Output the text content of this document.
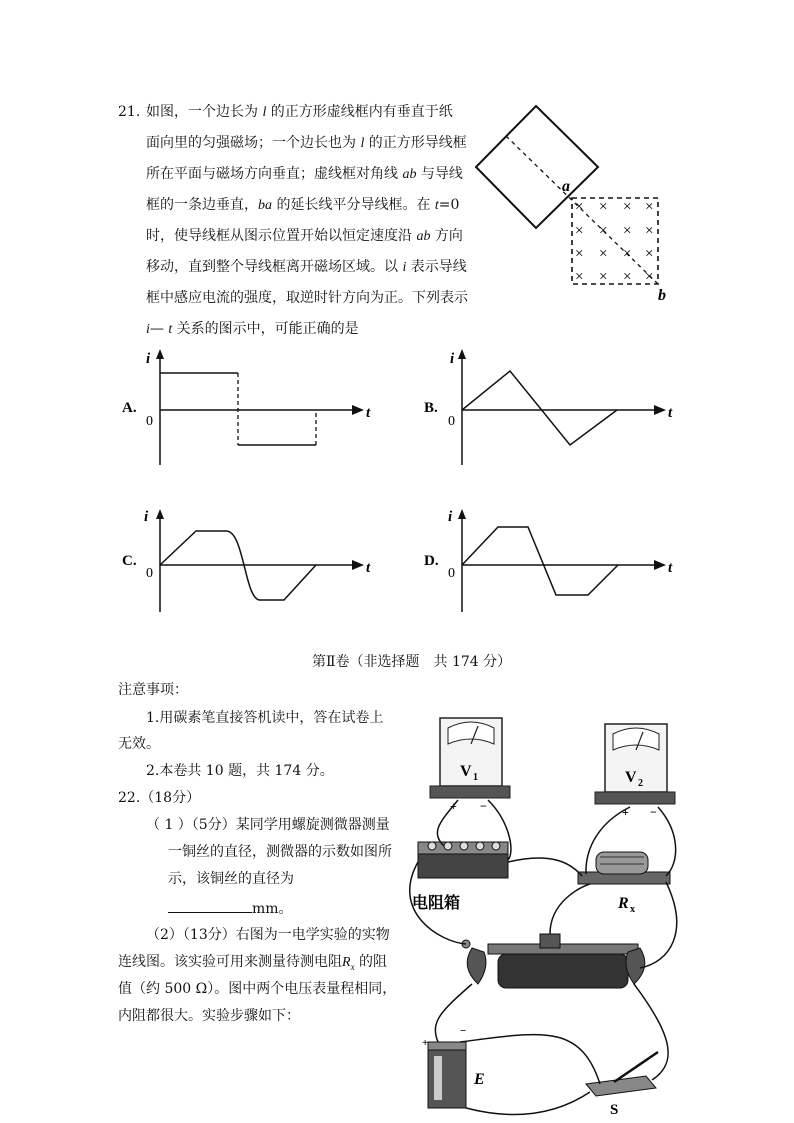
21. 如图，一个边长为 l 的正方形虚线框内有垂直于纸
面向里的匀强磁场；一个边长也为 l 的正方形导线框
所在平面与磁场方向垂直；虚线框对角线 ab 与导线
框的一条边垂直，ba 的延长线平分导线框。在 t=0
时，使导线框从图示位置开始以恒定速度沿 ab 方向
移动，直到整个导线框离开磁场区域。以 i 表示导线
框中感应电流的强度，取逆时针方向为正。下列表示
i— t 关系的图示中，可能正确的是
× × × ×
× × × ×
× × × ×
× × × ×
a
b
A.
i
t
0
B.
i
t
0
C.
i
t
0
D.
i
t
0
第Ⅱ卷（非选择题　共 174 分）
注意事项：
1.用碳素笔直接答机读中，答在试卷上
无效。
2.本卷共 10 题，共 174 分。
22.（18分）
（ 1 ）（5分）某同学用螺旋测微器测量
一铜丝的直径，测微器的示数如图所
示，该铜丝的直径为
mm。
（2）（13分）右图为一电学实验的实物
连线图。该实验可用来测量待测电阻$R_x$ 的阻
值（约 500 Ω）。图中两个电压表量程相同，
内阻都很大。实验步骤如下：
V 1
+ −
V 2
+ −
电阻箱	R x
+
−
E
S
